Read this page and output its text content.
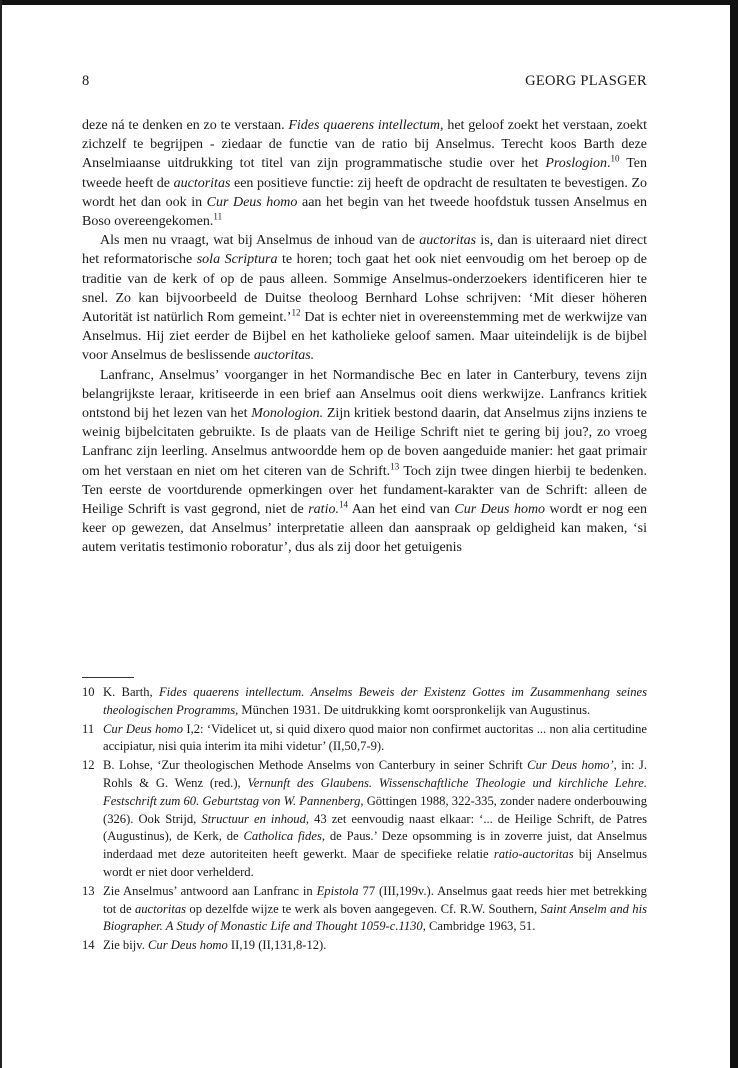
8	GEORG PLASGER

deze ná te denken en zo te verstaan. Fides quaerens intellectum, het geloof zoekt het verstaan, zoekt zichzelf te begrijpen - ziedaar de functie van de ratio bij Anselmus. Terecht koos Barth deze Anselmiaanse uitdrukking tot titel van zijn programmatische studie over het Proslogion.$^{10}$ Ten tweede heeft de auctoritas een positieve functie: zij heeft de opdracht de resultaten te bevestigen. Zo wordt het dan ook in Cur Deus homo aan het begin van het tweede hoofdstuk tussen Anselmus en Boso overeengekomen.$^{11}$

Als men nu vraagt, wat bij Anselmus de inhoud van de auctoritas is, dan is uiteraard niet direct het reformatorische sola Scriptura te horen; toch gaat het ook niet eenvoudig om het beroep op de traditie van de kerk of op de paus alleen. Sommige Anselmus-onderzoekers identificeren hier te snel. Zo kan bijvoorbeeld de Duitse theoloog Bernhard Lohse schrijven: ‘Mit dieser höheren Autorität ist natürlich Rom gemeint.’$^{12}$ Dat is echter niet in overeenstemming met de werkwijze van Anselmus. Hij ziet eerder de Bijbel en het katholieke geloof samen. Maar uiteindelijk is de bijbel voor Anselmus de beslissende auctoritas.

Lanfranc, Anselmus’ voorganger in het Normandische Bec en later in Canterbury, tevens zijn belangrijkste leraar, kritiseerde in een brief aan Anselmus ooit diens werkwijze. Lanfrancs kritiek ontstond bij het lezen van het Monologion. Zijn kritiek bestond daarin, dat Anselmus zijns inziens te weinig bijbelcitaten gebruikte. Is de plaats van de Heilige Schrift niet te gering bij jou?, zo vroeg Lanfranc zijn leerling. Anselmus antwoordde hem op de boven aangeduide manier: het gaat primair om het verstaan en niet om het citeren van de Schrift.$^{13}$ Toch zijn twee dingen hierbij te bedenken. Ten eerste de voortdurende opmerkingen over het fundament-karakter van de Schrift: alleen de Heilige Schrift is vast gegrond, niet de ratio.$^{14}$ Aan het eind van Cur Deus homo wordt er nog een keer op gewezen, dat Anselmus’ interpretatie alleen dan aanspraak op geldigheid kan maken, ‘si autem veritatis testimonio roboratur’, dus als zij door het getuigenis

10 K. Barth, Fides quaerens intellectum. Anselms Beweis der Existenz Gottes im Zusammenhang seines theologischen Programms, München 1931. De uitdrukking komt oorspronkelijk van Augustinus.
11 Cur Deus homo I,2: ‘Videlicet ut, si quid dixero quod maior non confirmet auctoritas ... non alia certitudine accipiatur, nisi quia interim ita mihi videtur’ (II,50,7-9).
12 B. Lohse, ‘Zur theologischen Methode Anselms von Canterbury in seiner Schrift Cur Deus homo’, in: J. Rohls & G. Wenz (red.), Vernunft des Glaubens. Wissenschaftliche Theologie und kirchliche Lehre. Festschrift zum 60. Geburtstag von W. Pannenberg, Göttingen 1988, 322-335, zonder nadere onderbouwing (326). Ook Strijd, Structuur en inhoud, 43 zet eenvoudig naast elkaar: ‘... de Heilige Schrift, de Patres (Augustinus), de Kerk, de Catholica fides, de Paus.’ Deze opsomming is in zoverre juist, dat Anselmus inderdaad met deze autoriteiten heeft gewerkt. Maar de specifieke relatie ratio-auctoritas bij Anselmus wordt er niet door verhelderd.
13 Zie Anselmus’ antwoord aan Lanfranc in Epistola 77 (III,199v.). Anselmus gaat reeds hier met betrekking tot de auctoritas op dezelfde wijze te werk als boven aangegeven. Cf. R.W. Southern, Saint Anselm and his Biographer. A Study of Monastic Life and Thought 1059-c.1130, Cambridge 1963, 51.
14 Zie bijv. Cur Deus homo II,19 (II,131,8-12).
